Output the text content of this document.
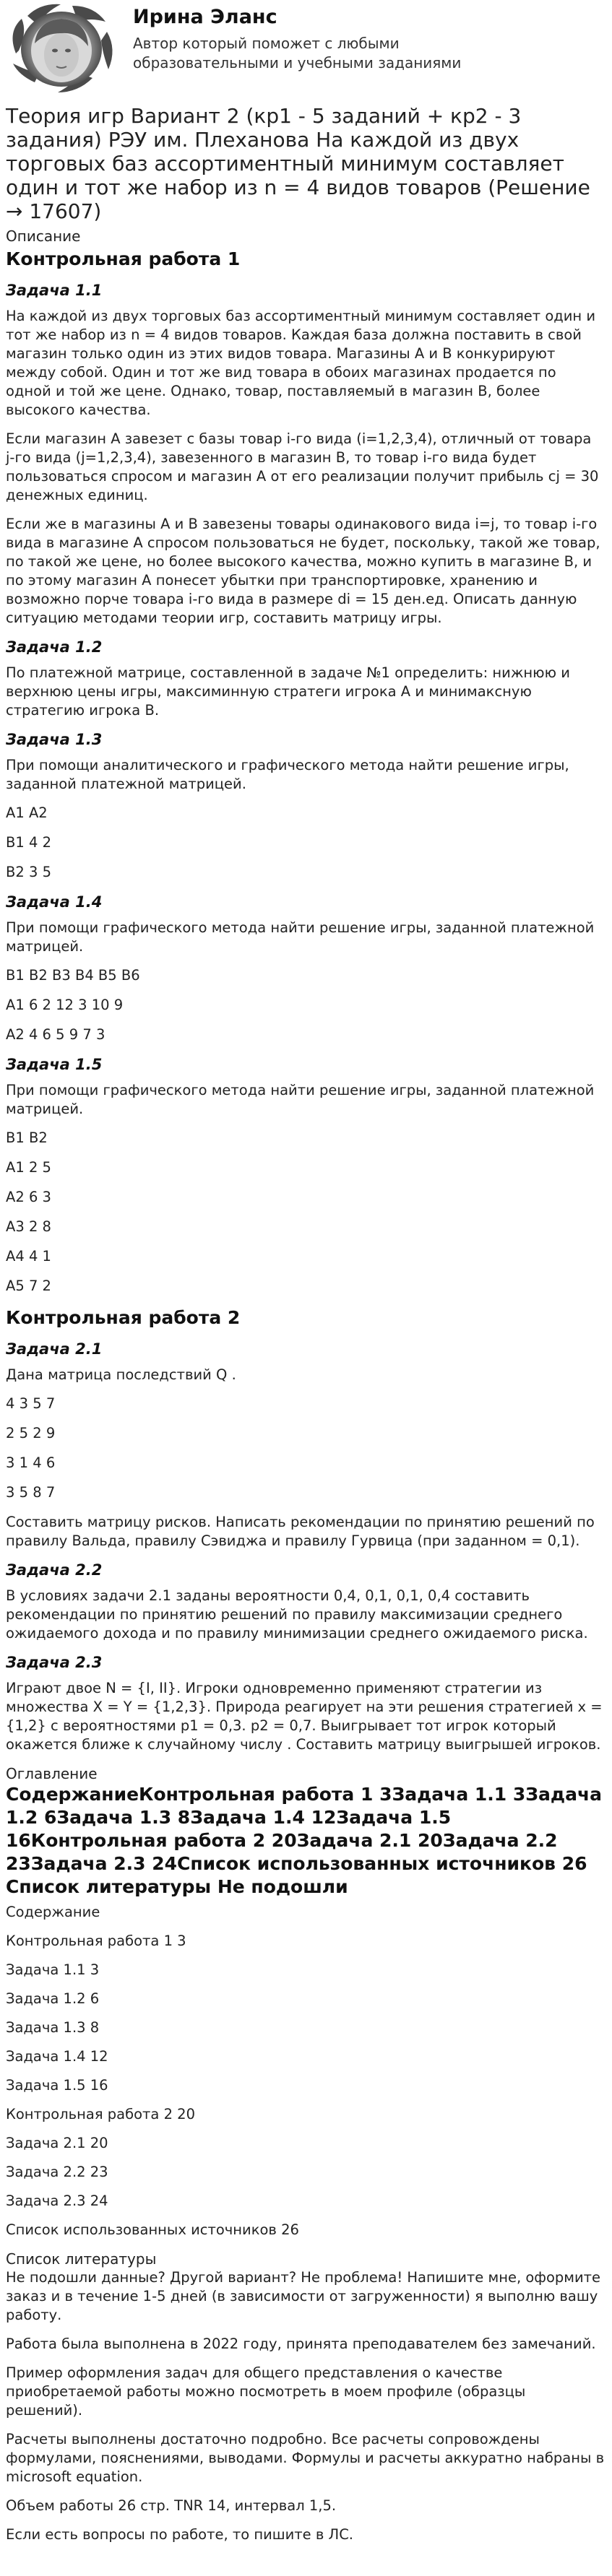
Ирина Эланс
Автор который поможет с любыми образовательными и учебными заданиями
Теория игр Вариант 2 (кр1 - 5 заданий + кр2 - 3 задания) РЭУ им. Плеханова На каждой из двух торговых баз ассортиментный минимум составляет один и тот же набор из n = 4 видов товаров (Решение → 17607)
Описание
Контрольная работа 1
Задача 1.1

На каждой из двух торговых баз ассортиментный минимум составляет один и тот же набор из n = 4 видов товаров. Каждая база должна поставить в свой магазин только один из этих видов товара. Магазины А и В конкурируют между собой. Один и тот же вид товара в обоих магазинах продается по одной и той же цене. Однако, товар, поставляемый в магазин В, более высокого качества.

Если магазин А завезет с базы товар i-го вида (i=1,2,3,4), отличный от товара j-го вида (j=1,2,3,4), завезенного в магазин В, то товар i-го вида будет пользоваться спросом и магазин А от его реализации получит прибыль cj = 30 денежных единиц.

Если же в магазины А и В завезены товары одинакового вида i=j, то товар i-го вида в магазине А спросом пользоваться не будет, поскольку, такой же товар, по такой же цене, но более высокого качества, можно купить в магазине В, и по этому магазин А понесет убытки при транспортировке, хранению и возможно порче товара i-го вида в размере di = 15 ден.ед. Описать данную ситуацию методами теории игр, составить матрицу игры.

Задача 1.2

По платежной матрице, составленной в задаче №1 определить: нижнюю и верхнюю цены игры, максиминную стратеги игрока А и минимаксную стратегию игрока В.

Задача 1.3

При помощи аналитического и графического метода найти решение игры, заданной платежной матрицей.

A1 A2

B1 4 2

B2 3 5

Задача 1.4

При помощи графического метода найти решение игры, заданной платежной матрицей.

B1 B2 B3 B4 B5 B6

A1 6 2 12 3 10 9

A2 4 6 5 9 7 3

Задача 1.5

При помощи графического метода найти решение игры, заданной платежной матрицей.

B1 B2

A1 2 5

A2 6 3

A3 2 8

A4 4 1

A5 7 2

Контрольная работа 2
Задача 2.1

Дана матрица последствий Q .

4 3 5 7

2 5 2 9

3 1 4 6

3 5 8 7

Составить матрицу рисков. Написать рекомендации по принятию решений по правилу Вальда, правилу Сэвиджа и правилу Гурвица (при заданном = 0,1).

Задача 2.2

В условиях задачи 2.1 заданы вероятности 0,4, 0,1, 0,1, 0,4 составить рекомендации по принятию решений по правилу максимизации среднего ожидаемого дохода и по правилу минимизации среднего ожидаемого риска.

Задача 2.3

Играют двое N = {I, II}. Игроки одновременно применяют стратегии из множества X = Y = {1,2,3}. Природа реагирует на эти решения стратегией x = {1,2} с вероятностями p1 = 0,3. p2 = 0,7. Выигрывает тот игрок который окажется ближе к случайному числу . Составить матрицу выигрышей игроков.

Оглавление
СодержаниеКонтрольная работа 1 3Задача 1.1 3Задача 1.2 6Задача 1.3 8Задача 1.4 12Задача 1.5 16Контрольная работа 2 20Задача 2.1 20Задача 2.2 23Задача 2.3 24Список использованных источников 26 Список литературы Не подошли
Содержание
Контрольная работа 1 3
Задача 1.1 3
Задача 1.2 6
Задача 1.3 8
Задача 1.4 12
Задача 1.5 16
Контрольная работа 2 20
Задача 2.1 20
Задача 2.2 23
Задача 2.3 24
Список использованных источников 26
Список литературы

Не подошли данные? Другой вариант? Не проблема! Напишите мне, оформите заказ и в течение 1-5 дней (в зависимости от загруженности) я выполню вашу работу.

Работа была выполнена в 2022 году, принята преподавателем без замечаний.

Пример оформления задач для общего представления о качестве приобретаемой работы можно посмотреть в моем профиле (образцы решений).

Расчеты выполнены достаточно подробно. Все расчеты сопровождены формулами, пояснениями, выводами. Формулы и расчеты аккуратно набраны в microsoft equation.

Объем работы 26 стр. TNR 14, интервал 1,5.

Если есть вопросы по работе, то пишите в ЛС.
